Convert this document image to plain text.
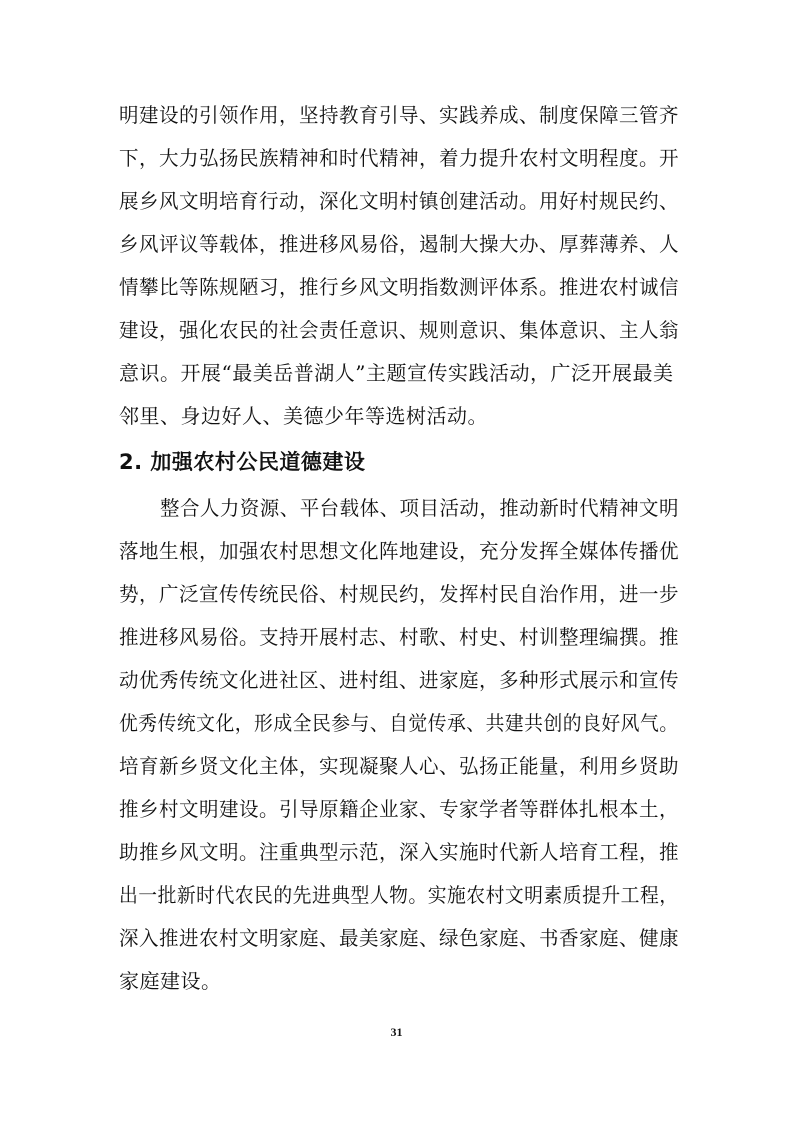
明建设的引领作用，坚持教育引导、实践养成、制度保障三管齐
下，大力弘扬民族精神和时代精神，着力提升农村文明程度。开
展乡风文明培育行动，深化文明村镇创建活动。用好村规民约、
乡风评议等载体，推进移风易俗，遏制大操大办、厚葬薄养、人
情攀比等陈规陋习，推行乡风文明指数测评体系。推进农村诚信
建设，强化农民的社会责任意识、规则意识、集体意识、主人翁
意识。开展“最美岳普湖人”主题宣传实践活动，广泛开展最美
邻里、身边好人、美德少年等选树活动。
2. 加强农村公民道德建设
整合人力资源、平台载体、项目活动，推动新时代精神文明
落地生根，加强农村思想文化阵地建设，充分发挥全媒体传播优
势，广泛宣传传统民俗、村规民约，发挥村民自治作用，进一步
推进移风易俗。支持开展村志、村歌、村史、村训整理编撰。推
动优秀传统文化进社区、进村组、进家庭，多种形式展示和宣传
优秀传统文化，形成全民参与、自觉传承、共建共创的良好风气。
培育新乡贤文化主体，实现凝聚人心、弘扬正能量，利用乡贤助
推乡村文明建设。引导原籍企业家、专家学者等群体扎根本土，
助推乡风文明。注重典型示范，深入实施时代新人培育工程，推
出一批新时代农民的先进典型人物。实施农村文明素质提升工程，
深入推进农村文明家庭、最美家庭、绿色家庭、书香家庭、健康
家庭建设。
31
